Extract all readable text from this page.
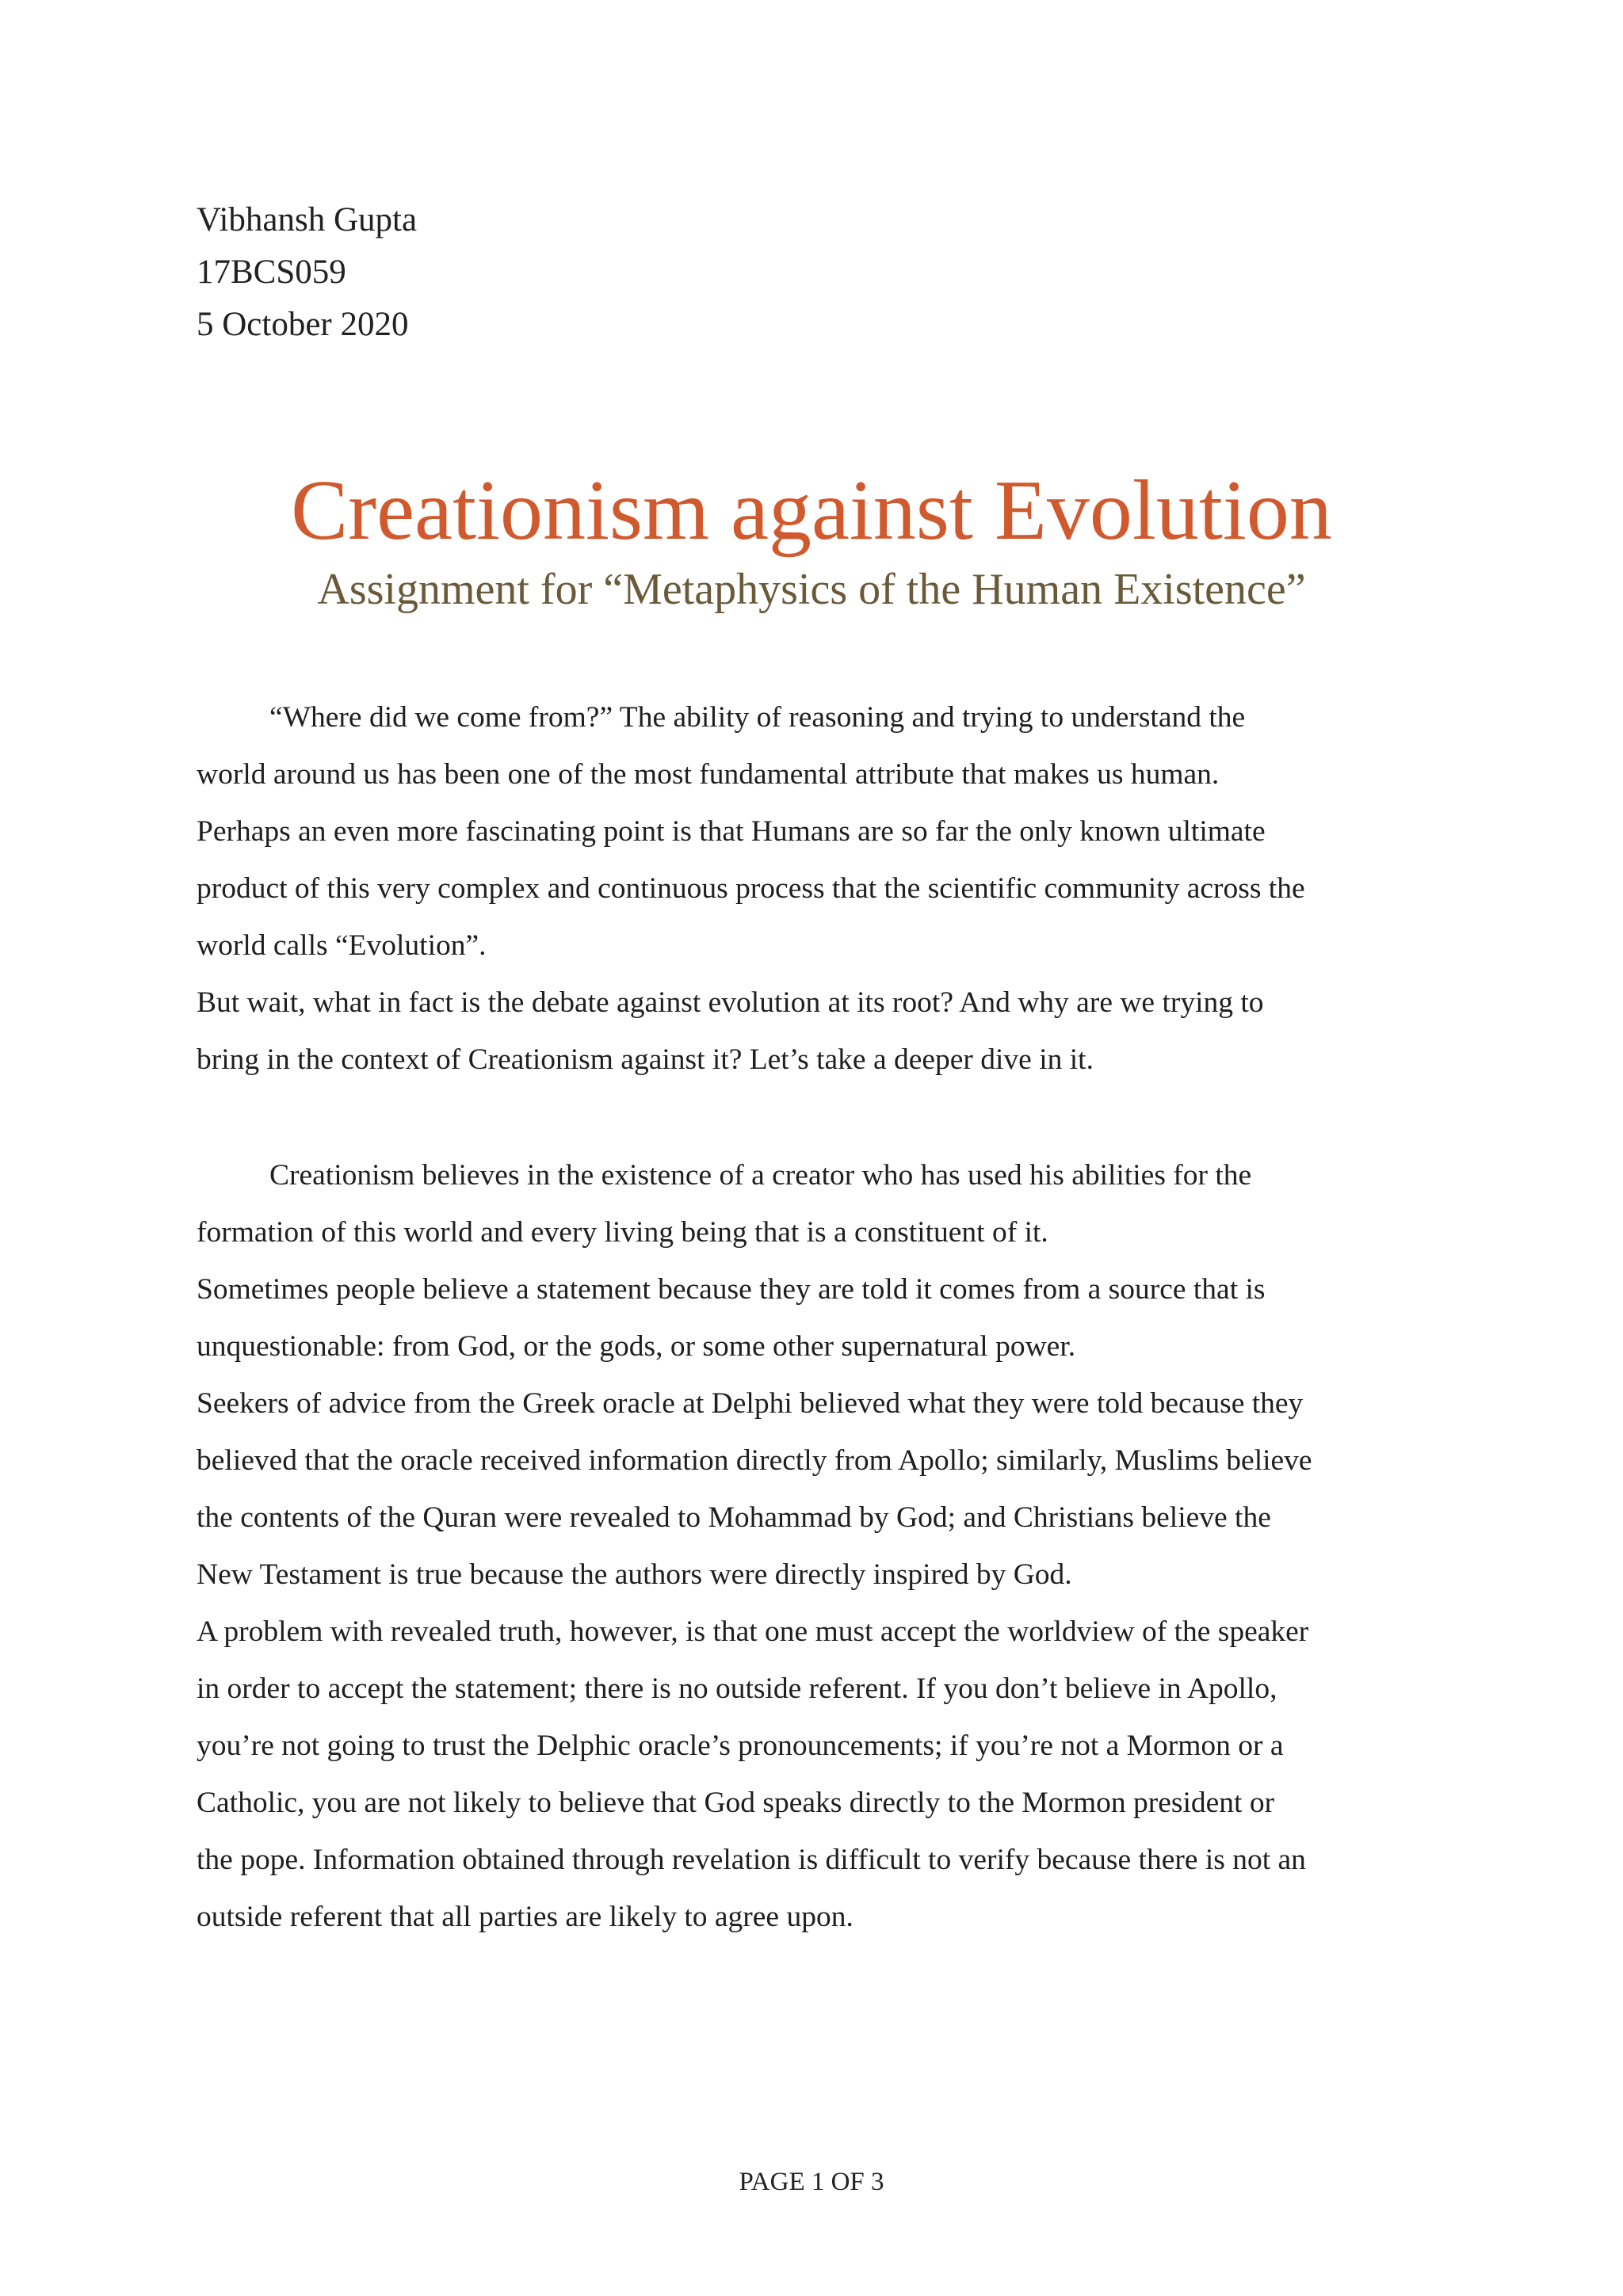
Vibhansh Gupta
17BCS059
5 October 2020
Creationism against Evolution
Assignment for “Metaphysics of the Human Existence”
“Where did we come from?” The ability of reasoning and trying to understand the
world around us has been one of the most fundamental attribute that makes us human.
Perhaps an even more fascinating point is that Humans are so far the only known ultimate
product of this very complex and continuous process that the scientific community across the
world calls “Evolution”.
But wait, what in fact is the debate against evolution at its root? And why are we trying to
bring in the context of Creationism against it? Let’s take a deeper dive in it.
Creationism believes in the existence of a creator who has used his abilities for the
formation of this world and every living being that is a constituent of it.
Sometimes people believe a statement because they are told it comes from a source that is
unquestionable: from God, or the gods, or some other supernatural power.
Seekers of advice from the Greek oracle at Delphi believed what they were told because they
believed that the oracle received information directly from Apollo; similarly, Muslims believe
the contents of the Quran were revealed to Mohammad by God; and Christians believe the
New Testament is true because the authors were directly inspired by God.
A problem with revealed truth, however, is that one must accept the worldview of the speaker
in order to accept the statement; there is no outside referent. If you don’t believe in Apollo,
you’re not going to trust the Delphic oracle’s pronouncements; if you’re not a Mormon or a
Catholic, you are not likely to believe that God speaks directly to the Mormon president or
the pope. Information obtained through revelation is difficult to verify because there is not an
outside referent that all parties are likely to agree upon.
PAGE 1 OF 3
